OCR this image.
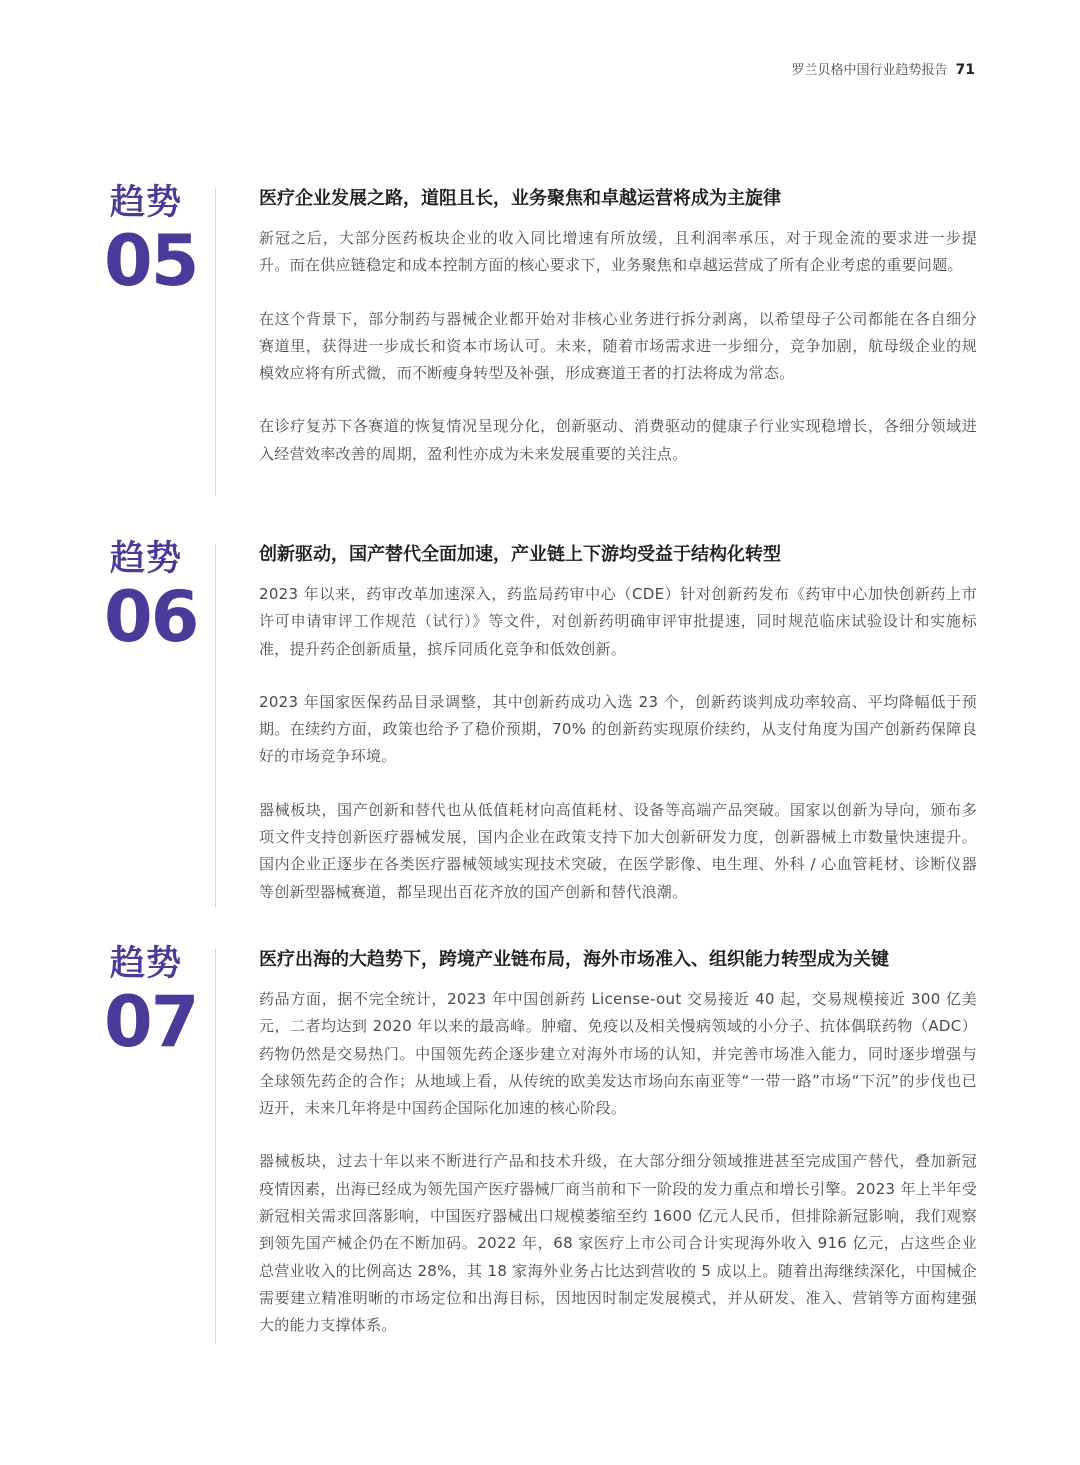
罗兰贝格中国行业趋势报告 71
趋势
05
医疗企业发展之路，道阻且长，业务聚焦和卓越运营将成为主旋律

新冠之后，大部分医药板块企业的收入同比增速有所放缓，且利润率承压，对于现金流的要求进一步提升。而在供应链稳定和成本控制方面的核心要求下，业务聚焦和卓越运营成了所有企业考虑的重要问题。

在这个背景下，部分制药与器械企业都开始对非核心业务进行拆分剥离，以希望母子公司都能在各自细分赛道里，获得进一步成长和资本市场认可。未来，随着市场需求进一步细分，竞争加剧，航母级企业的规模效应将有所式微，而不断瘦身转型及补强，形成赛道王者的打法将成为常态。

在诊疗复苏下各赛道的恢复情况呈现分化，创新驱动、消费驱动的健康子行业实现稳增长，各细分领域进入经营效率改善的周期，盈利性亦成为未来发展重要的关注点。

趋势
06
创新驱动，国产替代全面加速，产业链上下游均受益于结构化转型

2023 年以来，药审改革加速深入，药监局药审中心（CDE）针对创新药发布《药审中心加快创新药上市许可申请审评工作规范（试行）》等文件，对创新药明确审评审批提速，同时规范临床试验设计和实施标准，提升药企创新质量，摈斥同质化竞争和低效创新。

2023 年国家医保药品目录调整，其中创新药成功入选 23 个，创新药谈判成功率较高、平均降幅低于预期。在续约方面，政策也给予了稳价预期，70% 的创新药实现原价续约，从支付角度为国产创新药保障良好的市场竞争环境。

器械板块，国产创新和替代也从低值耗材向高值耗材、设备等高端产品突破。国家以创新为导向，颁布多项文件支持创新医疗器械发展，国内企业在政策支持下加大创新研发力度，创新器械上市数量快速提升。国内企业正逐步在各类医疗器械领域实现技术突破，在医学影像、电生理、外科 / 心血管耗材、诊断仪器等创新型器械赛道，都呈现出百花齐放的国产创新和替代浪潮。

趋势
07
医疗出海的大趋势下，跨境产业链布局，海外市场准入、组织能力转型成为关键

药品方面，据不完全统计，2023 年中国创新药 License-out 交易接近 40 起，交易规模接近 300 亿美元，二者均达到 2020 年以来的最高峰。肿瘤、免疫以及相关慢病领域的小分子、抗体偶联药物（ADC）药物仍然是交易热门。中国领先药企逐步建立对海外市场的认知，并完善市场准入能力，同时逐步增强与全球领先药企的合作；从地域上看，从传统的欧美发达市场向东南亚等“一带一路”市场“下沉”的步伐也已迈开，未来几年将是中国药企国际化加速的核心阶段。

器械板块，过去十年以来不断进行产品和技术升级，在大部分细分领域推进甚至完成国产替代，叠加新冠疫情因素，出海已经成为领先国产医疗器械厂商当前和下一阶段的发力重点和增长引擎。2023 年上半年受新冠相关需求回落影响，中国医疗器械出口规模萎缩至约 1600 亿元人民币，但排除新冠影响，我们观察到领先国产械企仍在不断加码。2022 年，68 家医疗上市公司合计实现海外收入 916 亿元，占这些企业总营业收入的比例高达 28%，其 18 家海外业务占比达到营收的 5 成以上。随着出海继续深化，中国械企需要建立精准明晰的市场定位和出海目标，因地因时制定发展模式，并从研发、准入、营销等方面构建强大的能力支撑体系。
